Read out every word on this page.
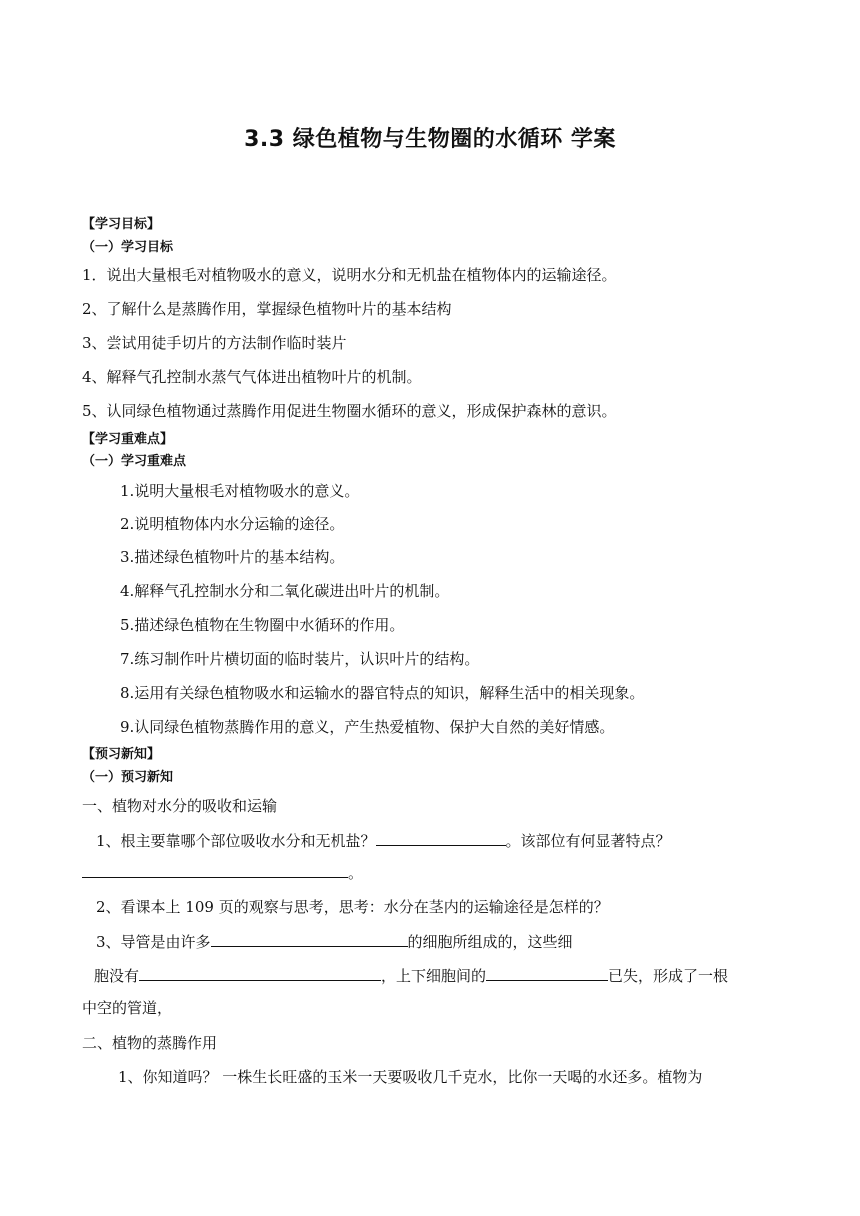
3.3 绿色植物与生物圈的水循环 学案
【学习目标】
（一）学习目标
1．说出大量根毛对植物吸水的意义，说明水分和无机盐在植物体内的运输途径。
2、了解什么是蒸腾作用，掌握绿色植物叶片的基本结构
3、尝试用徒手切片的方法制作临时装片
4、解释气孔控制水蒸气气体进出植物叶片的机制。
5、认同绿色植物通过蒸腾作用促进生物圈水循环的意义，形成保护森林的意识。
【学习重难点】
（一）学习重难点
1.说明大量根毛对植物吸水的意义。
2.说明植物体内水分运输的途径。
3.描述绿色植物叶片的基本结构。
4.解释气孔控制水分和二氧化碳进出叶片的机制。
5.描述绿色植物在生物圈中水循环的作用。
7.练习制作叶片横切面的临时装片，认识叶片的结构。
8.运用有关绿色植物吸水和运输水的器官特点的知识，解释生活中的相关现象。
9.认同绿色植物蒸腾作用的意义，产生热爱植物、保护大自然的美好情感。
【预习新知】
（一）预习新知
一、植物对水分的吸收和运输
1、根主要靠哪个部位吸收水分和无机盐？	。该部位有何显著特点？
。
2、看课本上 109 页的观察与思考，思考：水分在茎内的运输途径是怎样的？
3、导管是由许多	的细胞所组成的，这些细
胞没有	，上下细胞间的	已失，形成了一根
中空的管道，
二、植物的蒸腾作用
1、你知道吗？ 一株生长旺盛的玉米一天要吸收几千克水，比你一天喝的水还多。植物为
